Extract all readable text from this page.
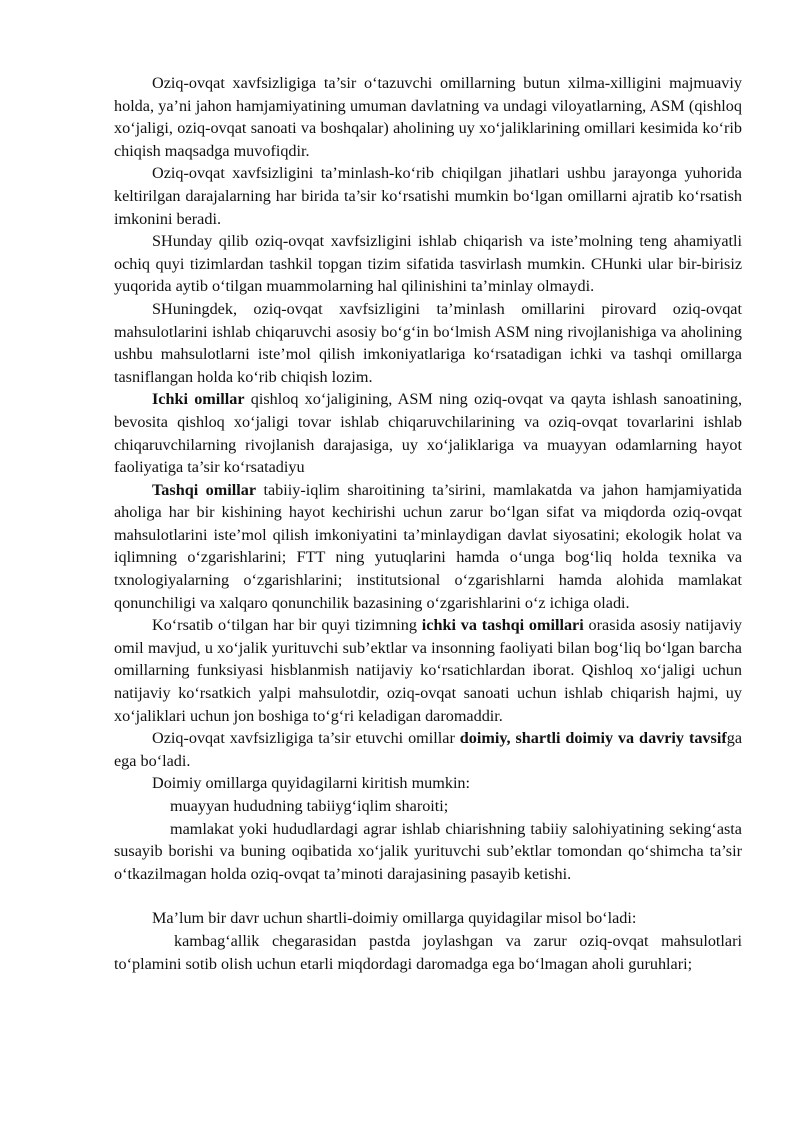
Oziq-ovqat xavfsizligiga ta’sir o‘tazuvchi omillarning butun xilma-xilligini majmuaviy holda, ya’ni jahon hamjamiyatining umuman davlatning va undagi viloyatlarning, ASM (qishloq xo‘jaligi, oziq-ovqat sanoati va boshqalar) aholining uy xo‘jaliklarining omillari kesimida ko‘rib chiqish maqsadga muvofiqdir.

Oziq-ovqat xavfsizligini ta’minlash-ko‘rib chiqilgan jihatlari ushbu jarayonga yuhorida keltirilgan darajalarning har birida ta’sir ko‘rsatishi mumkin bo‘lgan omillarni ajratib ko‘rsatish imkonini beradi.

SHunday qilib oziq-ovqat xavfsizligini ishlab chiqarish va iste’molning teng ahamiyatli ochiq quyi tizimlardan tashkil topgan tizim sifatida tasvirlash mumkin. CHunki ular bir-birisiz yuqorida aytib o‘tilgan muammolarning hal qilinishini ta’minlay olmaydi.

SHuningdek, oziq-ovqat xavfsizligini ta’minlash omillarini pirovard oziq-ovqat mahsulotlarini ishlab chiqaruvchi asosiy bo‘g‘in bo‘lmish ASM ning rivojlanishiga va aholining ushbu mahsulotlarni iste’mol qilish imkoniyatlariga ko‘rsatadigan ichki va tashqi omillarga tasniflangan holda ko‘rib chiqish lozim.

Ichki omillar qishloq xo‘jaligining, ASM ning oziq-ovqat va qayta ishlash sanoatining, bevosita qishloq xo‘jaligi tovar ishlab chiqaruvchilarining va oziq-ovqat tovarlarini ishlab chiqaruvchilarning rivojlanish darajasiga, uy xo‘jaliklariga va muayyan odamlarning hayot faoliyatiga ta’sir ko‘rsatadiyu

Tashqi omillar tabiiy-iqlim sharoitining ta’sirini, mamlakatda va jahon hamjamiyatida aholiga har bir kishining hayot kechirishi uchun zarur bo‘lgan sifat va miqdorda oziq-ovqat mahsulotlarini iste’mol qilish imkoniyatini ta’minlaydigan davlat siyosatini; ekologik holat va iqlimning o‘zgarishlarini; FTT ning yutuqlarini hamda o‘unga bog‘liq holda texnika va txnologiyalarning o‘zgarishlarini; institutsional o‘zgarishlarni hamda alohida mamlakat qonunchiligi va xalqaro qonunchilik bazasining o‘zgarishlarini o‘z ichiga oladi.

Ko‘rsatib o‘tilgan har bir quyi tizimning ichki va tashqi omillari orasida asosiy natijaviy omil mavjud, u xo‘jalik yurituvchi sub’ektlar va insonning faoliyati bilan bog‘liq bo‘lgan barcha omillarning funksiyasi hisblanmish natijaviy ko‘rsatichlardan iborat. Qishloq xo‘jaligi uchun natijaviy ko‘rsatkich yalpi mahsulotdir, oziq-ovqat sanoati uchun ishlab chiqarish hajmi, uy xo‘jaliklari uchun jon boshiga to‘g‘ri keladigan daromaddir.

Oziq-ovqat xavfsizligiga ta’sir etuvchi omillar doimiy, shartli doimiy va davriy tavsifga ega bo‘ladi.

Doimiy omillarga quyidagilarni kiritish mumkin:

muayyan hududning tabiiyg‘iqlim sharoiti;

mamlakat yoki hududlardagi agrar ishlab chiarishning tabiiy salohiyatining seking‘asta susayib borishi va buning oqibatida xo‘jalik yurituvchi sub’ektlar tomondan qo‘shimcha ta’sir o‘tkazilmagan holda oziq-ovqat ta’minoti darajasining pasayib ketishi.

Ma’lum bir davr uchun shartli-doimiy omillarga quyidagilar misol bo‘ladi:

kambag‘allik chegarasidan pastda joylashgan va zarur oziq-ovqat mahsulotlari to‘plamini sotib olish uchun etarli miqdordagi daromadga ega bo‘lmagan aholi guruhlari;
